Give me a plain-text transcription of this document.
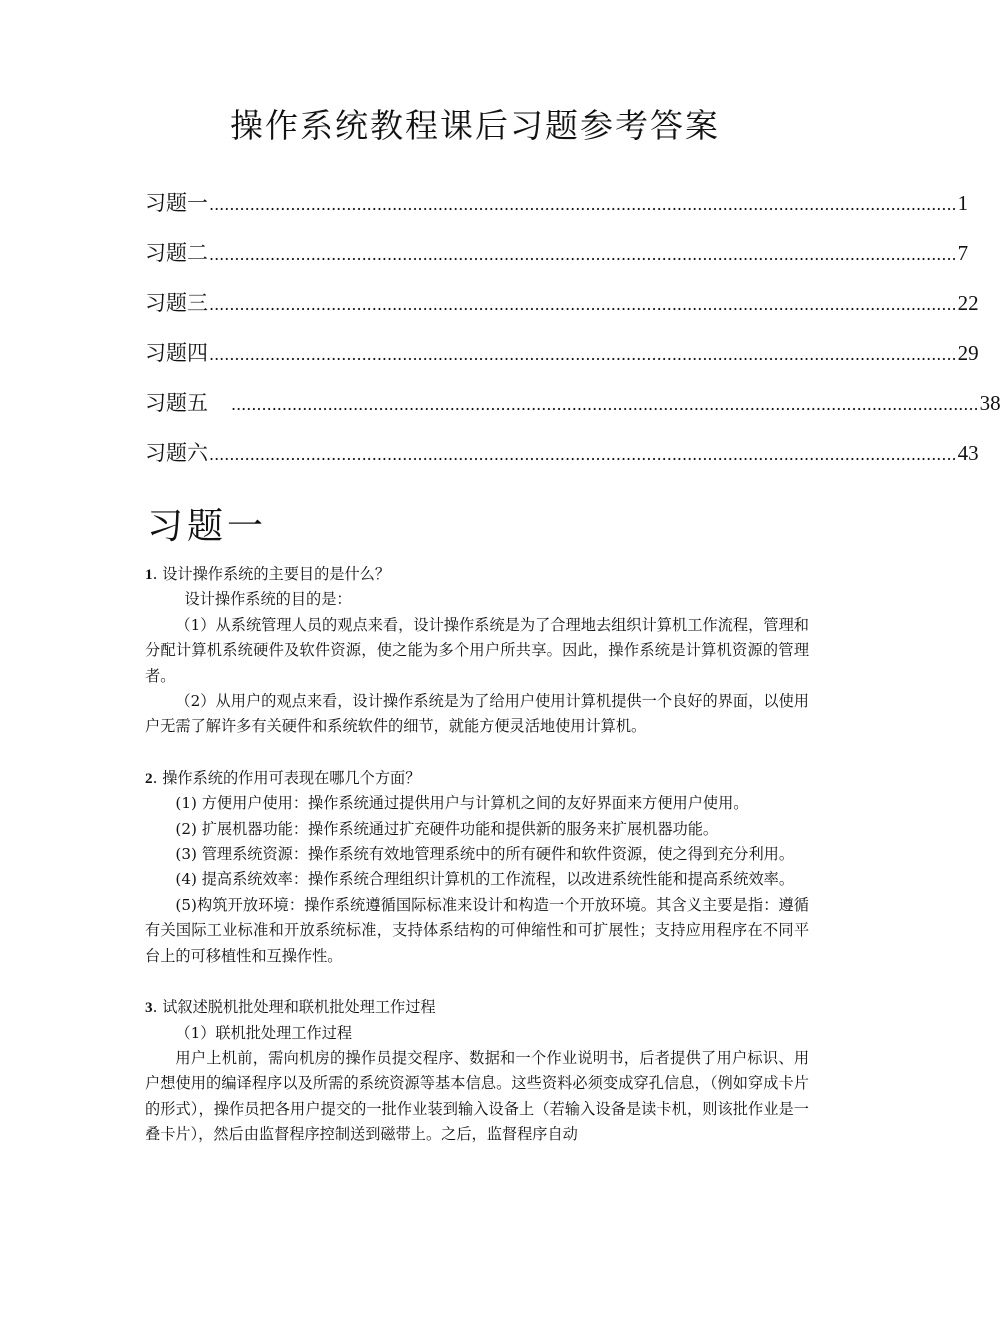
操作系统教程课后习题参考答案
习题一 ................................................................................................................................................... 1
习题二 ................................................................................................................................................... 7
习题三 ................................................................................................................................................... 22
习题四 ................................................................................................................................................... 29
习题五 ................................................................................................................................................... 38
习题六 ................................................................................................................................................... 43
习题一

1. 设计操作系统的主要目的是什么？

设计操作系统的目的是：

（1）从系统管理人员的观点来看，设计操作系统是为了合理地去组织计算机工作流程，管理和分配计算机系统硬件及软件资源，使之能为多个用户所共享。因此，操作系统是计算机资源的管理者。

（2）从用户的观点来看，设计操作系统是为了给用户使用计算机提供一个良好的界面，以使用户无需了解许多有关硬件和系统软件的细节，就能方便灵活地使用计算机。

2. 操作系统的作用可表现在哪几个方面？

(1) 方便用户使用：操作系统通过提供用户与计算机之间的友好界面来方便用户使用。

(2) 扩展机器功能：操作系统通过扩充硬件功能和提供新的服务来扩展机器功能。

(3) 管理系统资源：操作系统有效地管理系统中的所有硬件和软件资源，使之得到充分利用。

(4) 提高系统效率：操作系统合理组织计算机的工作流程，以改进系统性能和提高系统效率。

(5)构筑开放环境：操作系统遵循国际标准来设计和构造一个开放环境。其含义主要是指：遵循有关国际工业标准和开放系统标准，支持体系结构的可伸缩性和可扩展性；支持应用程序在不同平台上的可移植性和互操作性。

3. 试叙述脱机批处理和联机批处理工作过程

（1）联机批处理工作过程

用户上机前，需向机房的操作员提交程序、数据和一个作业说明书，后者提供了用户标识、用户想使用的编译程序以及所需的系统资源等基本信息。这些资料必须变成穿孔信息，（例如穿成卡片的形式），操作员把各用户提交的一批作业装到输入设备上（若输入设备是读卡机，则该批作业是一叠卡片），然后由监督程序控制送到磁带上。之后，监督程序自动
